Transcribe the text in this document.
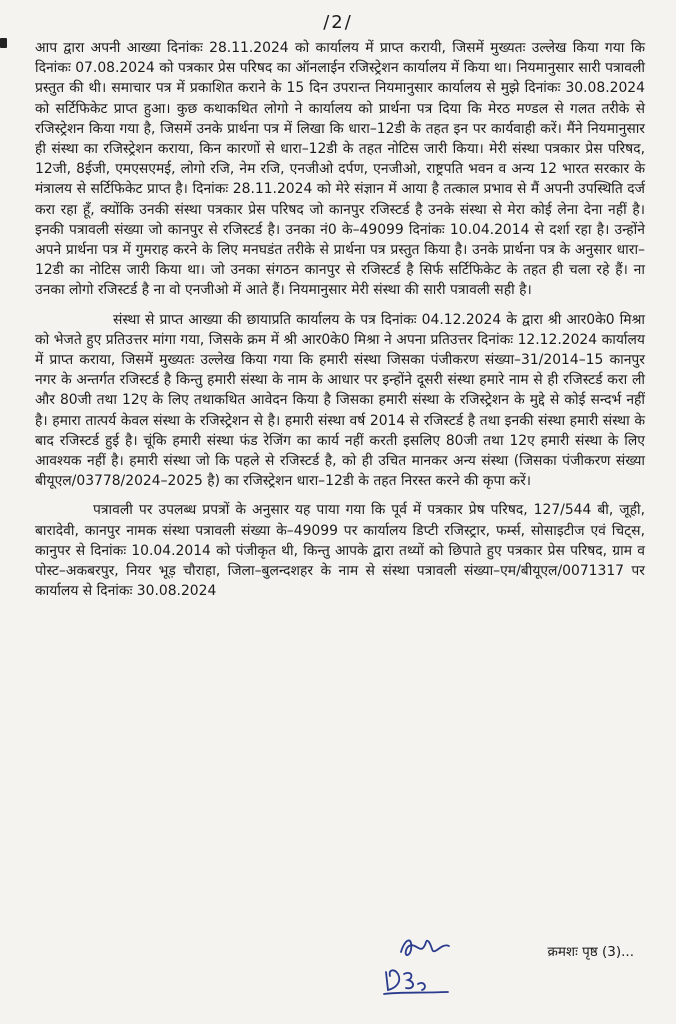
/2/

आप द्वारा अपनी आख्या दिनांकः 28.11.2024 को कार्यालय में प्राप्त करायी, जिसमें मुख्यतः उल्लेख किया गया कि दिनांकः 07.08.2024 को पत्रकार प्रेस परिषद का ऑनलाईन रजिस्ट्रेशन कार्यालय में किया था। नियमानुसार सारी पत्रावली प्रस्तुत की थी। समाचार पत्र में प्रकाशित कराने के 15 दिन उपरान्त नियमानुसार कार्यालय से मुझे दिनांकः 30.08.2024 को सर्टिफिकेट प्राप्त हुआ। कुछ कथाकथित लोगो ने कार्यालय को प्रार्थना पत्र दिया कि मेरठ मण्डल से गलत तरीके से रजिस्ट्रेशन किया गया है, जिसमें उनके प्रार्थना पत्र में लिखा कि धारा–12डी के तहत इन पर कार्यवाही करें। मैंने नियमानुसार ही संस्था का रजिस्ट्रेशन कराया, किन कारणों से धारा–12डी के तहत नोटिस जारी किया। मेरी संस्था पत्रकार प्रेस परिषद, 12जी, 8ईजी, एमएसएमई, लोगो रजि, नेम रजि, एनजीओ दर्पण, एनजीओ, राष्ट्रपति भवन व अन्य 12 भारत सरकार के मंत्रालय से सर्टिफिकेट प्राप्त है। दिनांकः 28.11.2024 को मेरे संज्ञान में आया है तत्काल प्रभाव से मैं अपनी उपस्थिति दर्ज करा रहा हूँ, क्योंकि उनकी संस्था पत्रकार प्रेस परिषद जो कानपुर रजिस्टर्ड है उनके संस्था से मेरा कोई लेना देना नहीं है। इनकी पत्रावली संख्या जो कानपुर से रजिस्टर्ड है। उनका नं0 के–49099 दिनांकः 10.04.2014 से दर्शा रहा है। उन्होंने अपने प्रार्थना पत्र में गुमराह करने के लिए मनघडंत तरीके से प्रार्थना पत्र प्रस्तुत किया है। उनके प्रार्थना पत्र के अनुसार धारा–12डी का नोटिस जारी किया था। जो उनका संगठन कानपुर से रजिस्टर्ड है सिर्फ सर्टिफिकेट के तहत ही चला रहे हैं। ना उनका लोगो रजिस्टर्ड है ना वो एनजीओ में आते हैं। नियमानुसार मेरी संस्था की सारी पत्रावली सही है।

संस्था से प्राप्त आख्या की छायाप्रति कार्यालय के पत्र दिनांकः 04.12.2024 के द्वारा श्री आर0के0 मिश्रा को भेजते हुए प्रतिउत्तर मांगा गया, जिसके क्रम में श्री आर0के0 मिश्रा ने अपना प्रतिउत्तर दिनांकः 12.12.2024 कार्यालय में प्राप्त कराया, जिसमें मुख्यतः उल्लेख किया गया कि हमारी संस्था जिसका पंजीकरण संख्या–31/2014–15 कानपुर नगर के अन्तर्गत रजिस्टर्ड है किन्तु हमारी संस्था के नाम के आधार पर इन्होंने दूसरी संस्था हमारे नाम से ही रजिस्टर्ड करा ली और 80जी तथा 12ए के लिए तथाकथित आवेदन किया है जिसका हमारी संस्था के रजिस्ट्रेशन के मुद्दे से कोई सन्दर्भ नहीं है। हमारा तात्पर्य केवल संस्था के रजिस्ट्रेशन से है। हमारी संस्था वर्ष 2014 से रजिस्टर्ड है तथा इनकी संस्था हमारी संस्था के बाद रजिस्टर्ड हुई है। चूंकि हमारी संस्था फंड रेजिंग का कार्य नहीं करती इसलिए 80जी तथा 12ए हमारी संस्था के लिए आवश्यक नहीं है। हमारी संस्था जो कि पहले से रजिस्टर्ड है, को ही उचित मानकर अन्य संस्था (जिसका पंजीकरण संख्या बीयूएल/03778/2024–2025 है) का रजिस्ट्रेशन धारा–12डी के तहत निरस्त करने की कृपा करें।

पत्रावली पर उपलब्ध प्रपत्रों के अनुसार यह पाया गया कि पूर्व में पत्रकार प्रेष परिषद, 127/544 बी, जूही, बारादेवी, कानपुर नामक संस्था पत्रावली संख्या के–49099 पर कार्यालय डिप्टी रजिस्ट्रार, फर्म्स, सोसाइटीज एवं चिट्स, कानुपर से दिनांकः 10.04.2014 को पंजीकृत थी, किन्तु आपके द्वारा तथ्यों को छिपाते हुए पत्रकार प्रेस परिषद, ग्राम व पोस्ट–अकबरपुर, नियर भूड़ चौराहा, जिला–बुलन्दशहर के नाम से संस्था पत्रावली संख्या–एम/बीयूएल/0071317 पर कार्यालय से दिनांकः 30.08.2024

क्रमशः पृष्ठ (3)...
